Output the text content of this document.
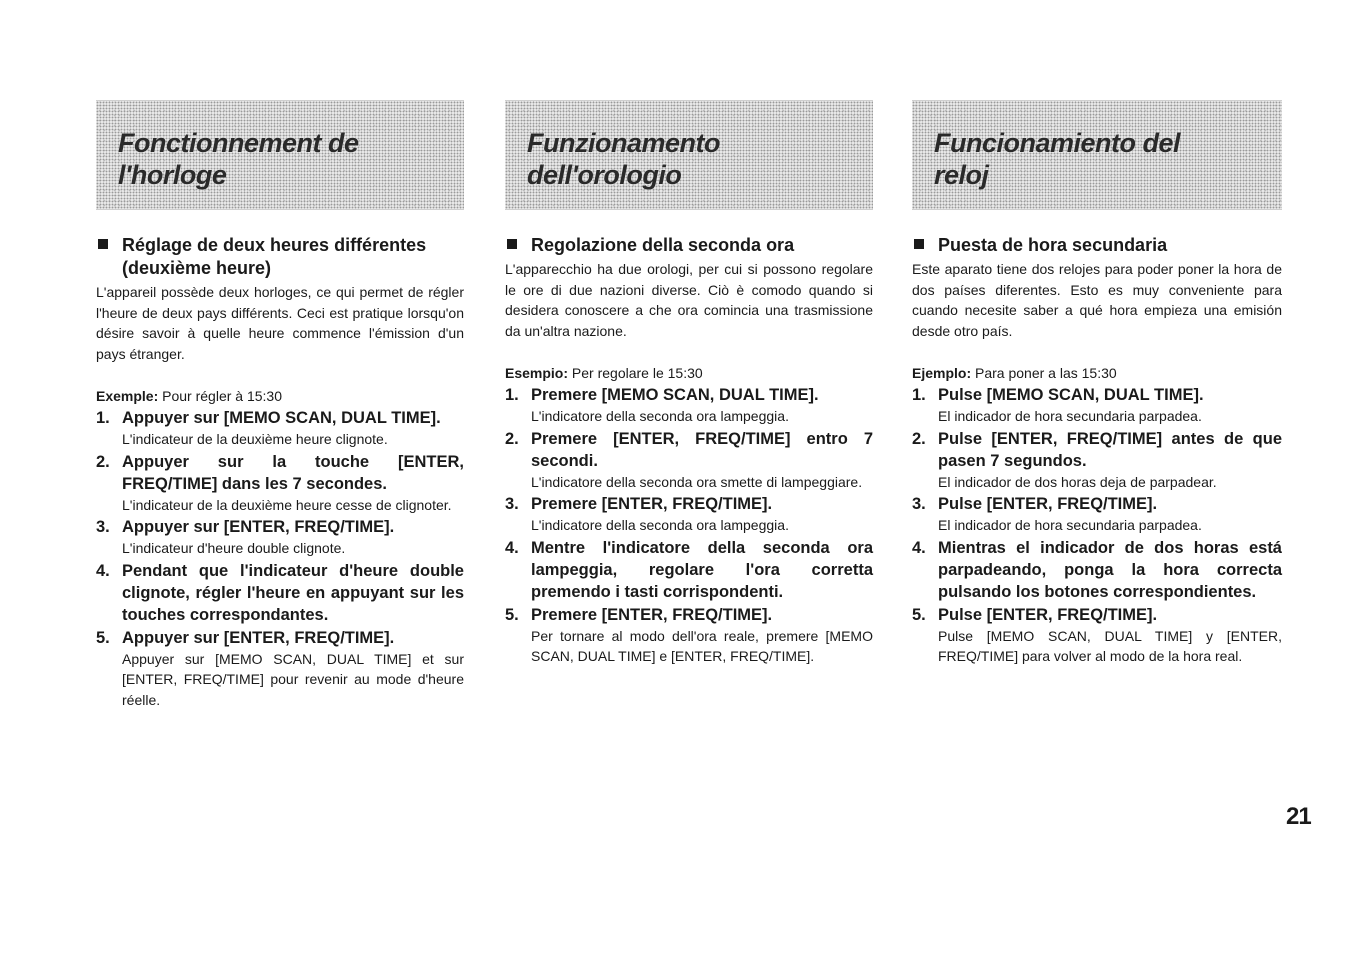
Fonctionnement de
l'horloge
Réglage de deux heures différentes (deuxième heure)

L'appareil possède deux horloges, ce qui permet de régler l'heure de deux pays différents. Ceci est pratique lorsqu'on désire savoir à quelle heure commence l'émission d'un pays étranger.

Exemple: Pour régler à 15:30
1. Appuyer sur [MEMO SCAN, DUAL TIME].
L'indicateur de la deuxième heure clignote.
2. Appuyer sur la touche [ENTER, FREQ/TIME] dans les 7 secondes.
L'indicateur de la deuxième heure cesse de clignoter.
3. Appuyer sur [ENTER, FREQ/TIME].
L'indicateur d'heure double clignote.
4. Pendant que l'indicateur d'heure double clignote, régler l'heure en appuyant sur les touches correspondantes.
5. Appuyer sur [ENTER, FREQ/TIME].
Appuyer sur [MEMO SCAN, DUAL TIME] et sur [ENTER, FREQ/TIME] pour revenir au mode d'heure réelle.
Funzionamento
dell'orologio
Regolazione della seconda ora

L'apparecchio ha due orologi, per cui si possono regolare le ore di due nazioni diverse. Ciò è comodo quando si desidera conoscere a che ora comincia una trasmissione da un'altra nazione.

Esempio: Per regolare le 15:30
1. Premere [MEMO SCAN, DUAL TIME].
L'indicatore della seconda ora lampeggia.
2. Premere [ENTER, FREQ/TIME] entro 7 secondi.
L'indicatore della seconda ora smette di lampeggiare.
3. Premere [ENTER, FREQ/TIME].
L'indicatore della seconda ora lampeggia.
4. Mentre l'indicatore della seconda ora lampeggia, regolare l'ora corretta premendo i tasti corrispondenti.
5. Premere [ENTER, FREQ/TIME].
Per tornare al modo dell'ora reale, premere [MEMO SCAN, DUAL TIME] e [ENTER, FREQ/TIME].
Funcionamiento del
reloj
Puesta de hora secundaria

Este aparato tiene dos relojes para poder poner la hora de dos países diferentes. Esto es muy conveniente para cuando necesite saber a qué hora empieza una emisión desde otro país.

Ejemplo: Para poner a las 15:30
1. Pulse [MEMO SCAN, DUAL TIME].
El indicador de hora secundaria parpadea.
2. Pulse [ENTER, FREQ/TIME] antes de que pasen 7 segundos.
El indicador de dos horas deja de parpadear.
3. Pulse [ENTER, FREQ/TIME].
El indicador de hora secundaria parpadea.
4. Mientras el indicador de dos horas está parpadeando, ponga la hora correcta pulsando los botones correspondientes.
5. Pulse [ENTER, FREQ/TIME].
Pulse [MEMO SCAN, DUAL TIME] y [ENTER, FREQ/TIME] para volver al modo de la hora real.
21
